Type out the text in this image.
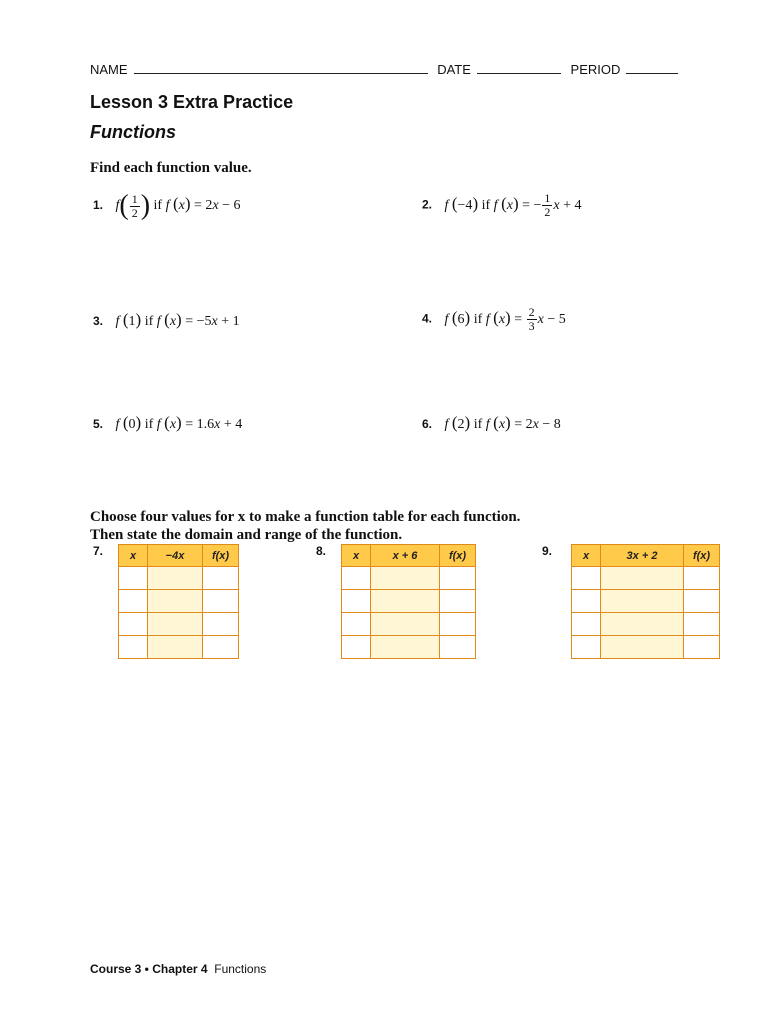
NAME	DATE	PERIOD
Lesson 3 Extra Practice
Functions
Find each function value.
1. $f( \frac{1}{2}$ ) if f (x) = 2x − 6	2. f (−4) if f (x) = − $\frac{1}{2}$ x + 4
3. f (1) if f (x) = −5x + 1	4. f (6) if f $(x) = \frac{2}{3}$ x − 5
5. f (0) if f (x) = 1.6x + 4	6. f (2) if f (x) = 2x − 8
Choose four values for x to make a function table for each function.
Then state the domain and range of the function.
7. x	−4x	f(x)

			8. x	x + 6	f(x)

			9.	x	3x + 2	f(x)

Course 3 • Chapter 4 Functions
